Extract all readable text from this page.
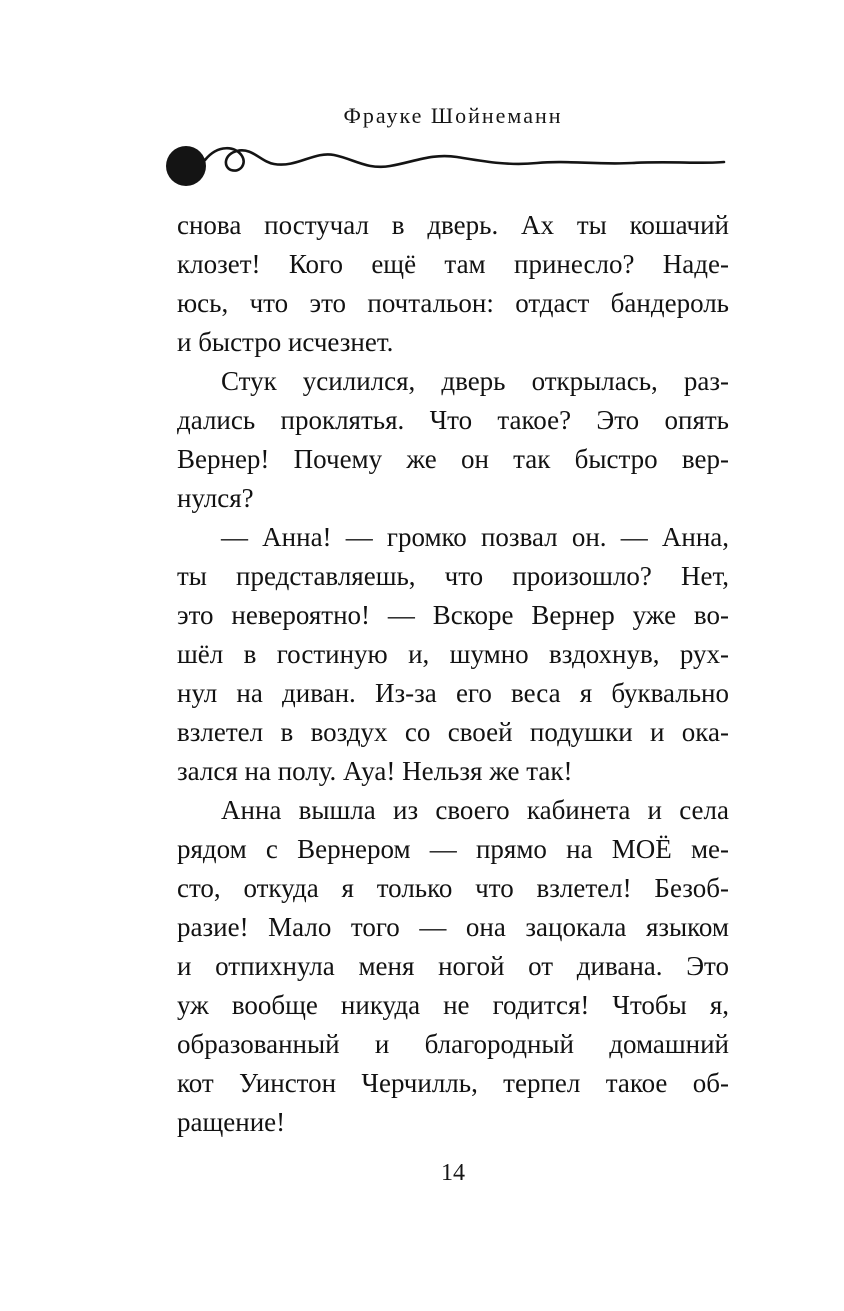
Фрауке Шойнеманн
снова постучал в дверь. Ах ты кошачий
клозет! Кого ещё там принесло? Наде-
юсь, что это почтальон: отдаст бандероль
и быстро исчезнет.
Стук усилился, дверь открылась, раз-
дались проклятья. Что такое? Это опять
Вернер! Почему же он так быстро вер-
нулся?
— Анна! — громко позвал он. — Анна,
ты представляешь, что произошло? Нет,
это невероятно! — Вскоре Вернер уже во-
шёл в гостиную и, шумно вздохнув, рух-
нул на диван. Из-за его веса я буквально
взлетел в воздух со своей подушки и ока-
зался на полу. Ауа! Нельзя же так!
Анна вышла из своего кабинета и села
рядом с Вернером — прямо на МОЁ ме-
сто, откуда я только что взлетел! Безоб-
разие! Мало того — она зацокала языком
и отпихнула меня ногой от дивана. Это
уж вообще никуда не годится! Чтобы я,
образованный и благородный домашний
кот Уинстон Черчилль, терпел такое об-
ращение!
14
